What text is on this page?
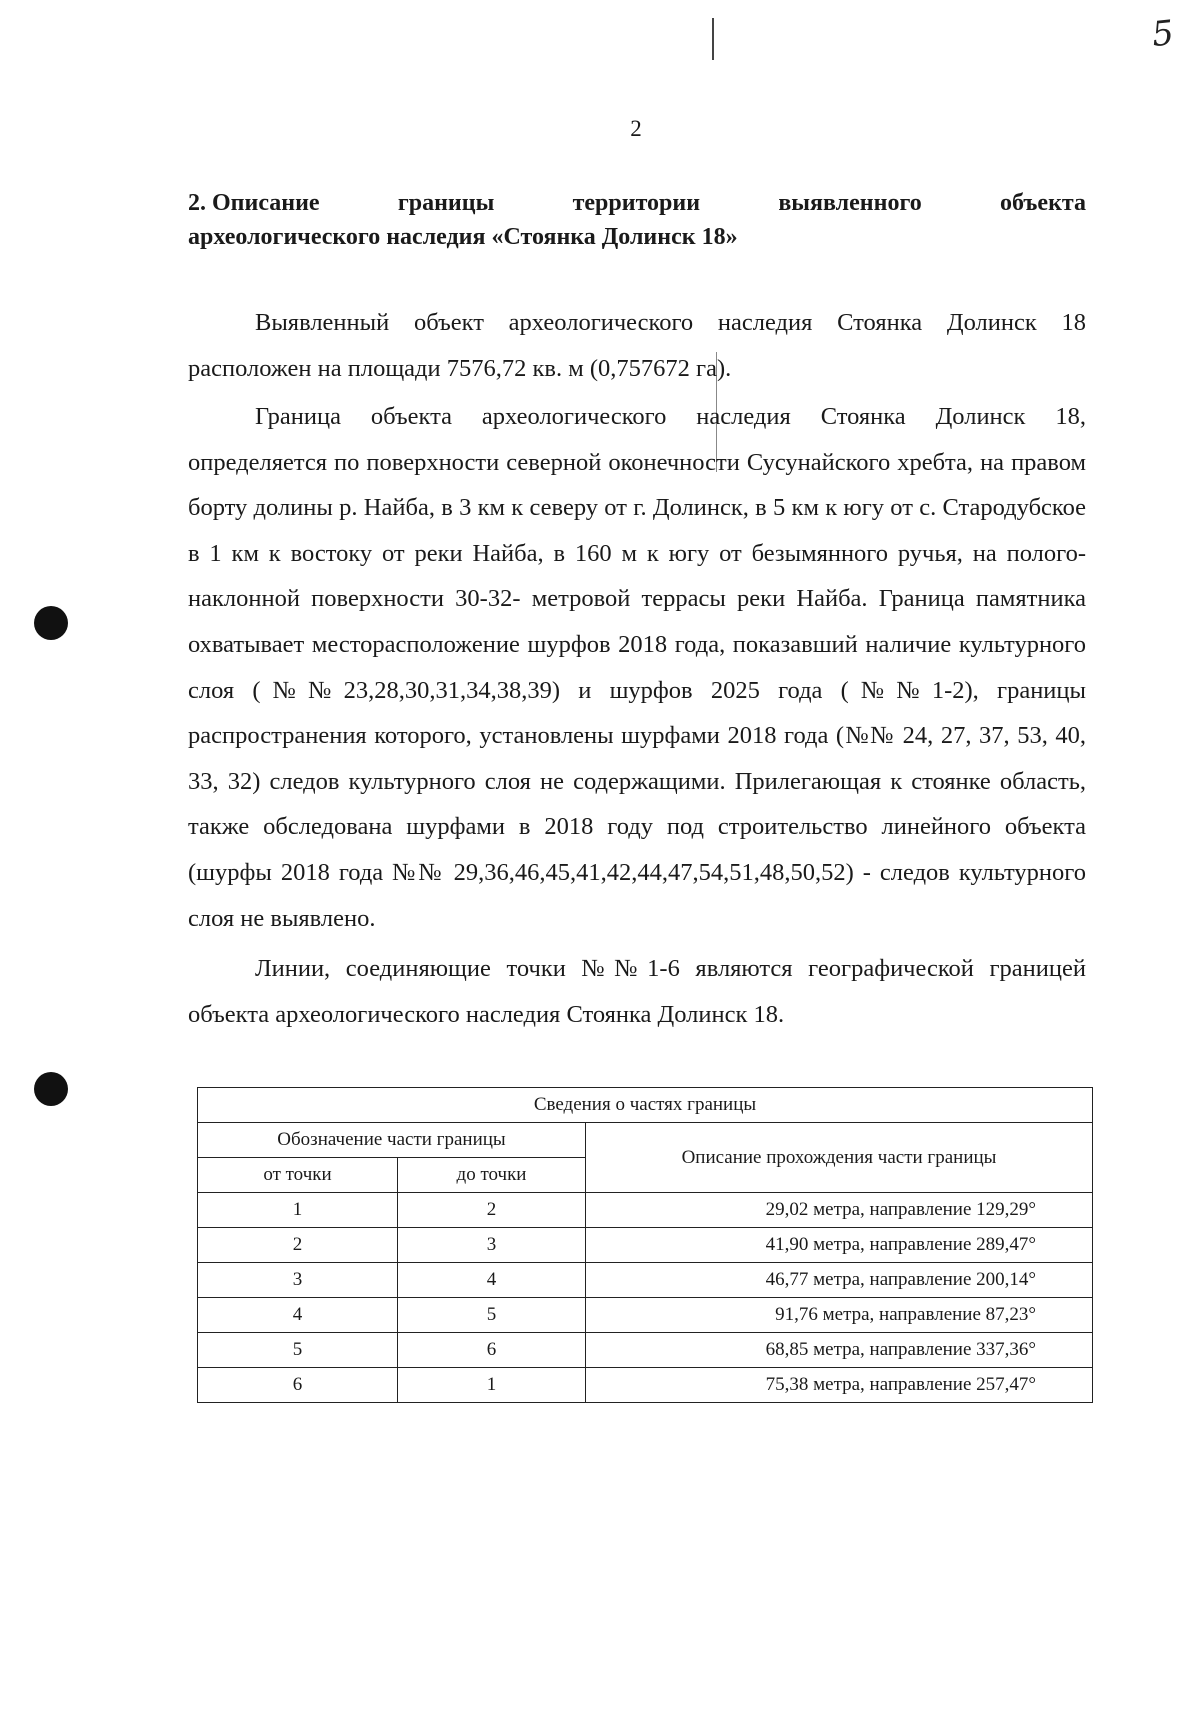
5
2
2. Описание	границы	территории	выявленного	объекта
археологического наследия «Стоянка Долинск 18»

Выявленный объект археологического наследия Стоянка Долинск 18 расположен на площади 7576,72 кв. м (0,757672 га).

Граница объекта археологического наследия Стоянка Долинск 18, определяется по поверхности северной оконечности Сусунайского хребта, на правом борту долины р. Найба, в 3 км к северу от г. Долинск, в 5 км к югу от с. Стародубское в 1 км к востоку от реки Найба, в 160 м к югу от безымянного ручья, на полого-наклонной поверхности 30-32- метровой террасы реки Найба. Граница памятника охватывает месторасположение шурфов 2018 года, показавший наличие культурного слоя (№№23,28,30,31,34,38,39) и шурфов 2025 года (№№1-2), границы распространения которого, установлены шурфами 2018 года (№№ 24, 27, 37, 53, 40, 33, 32) следов культурного слоя не содержащими. Прилегающая к стоянке область, также обследована шурфами в 2018 году под строительство линейного объекта (шурфы 2018 года №№ 29,36,46,45,41,42,44,47,54,51,48,50,52) - следов культурного слоя не выявлено.

Линии, соединяющие точки №№1-6 являются географической границей объекта археологического наследия Стоянка Долинск 18.

Сведения о частях границы		
Обозначение части границы		Описание прохождения части границы
от точки	до точки	
1	2	29,02 метра, направление 129,29°
2	3	41,90 метра, направление 289,47°
3	4	46,77 метра, направление 200,14°
4	5	91,76 метра, направление 87,23°
5	6	68,85 метра, направление 337,36°
6	1	75,38 метра, направление 257,47°
